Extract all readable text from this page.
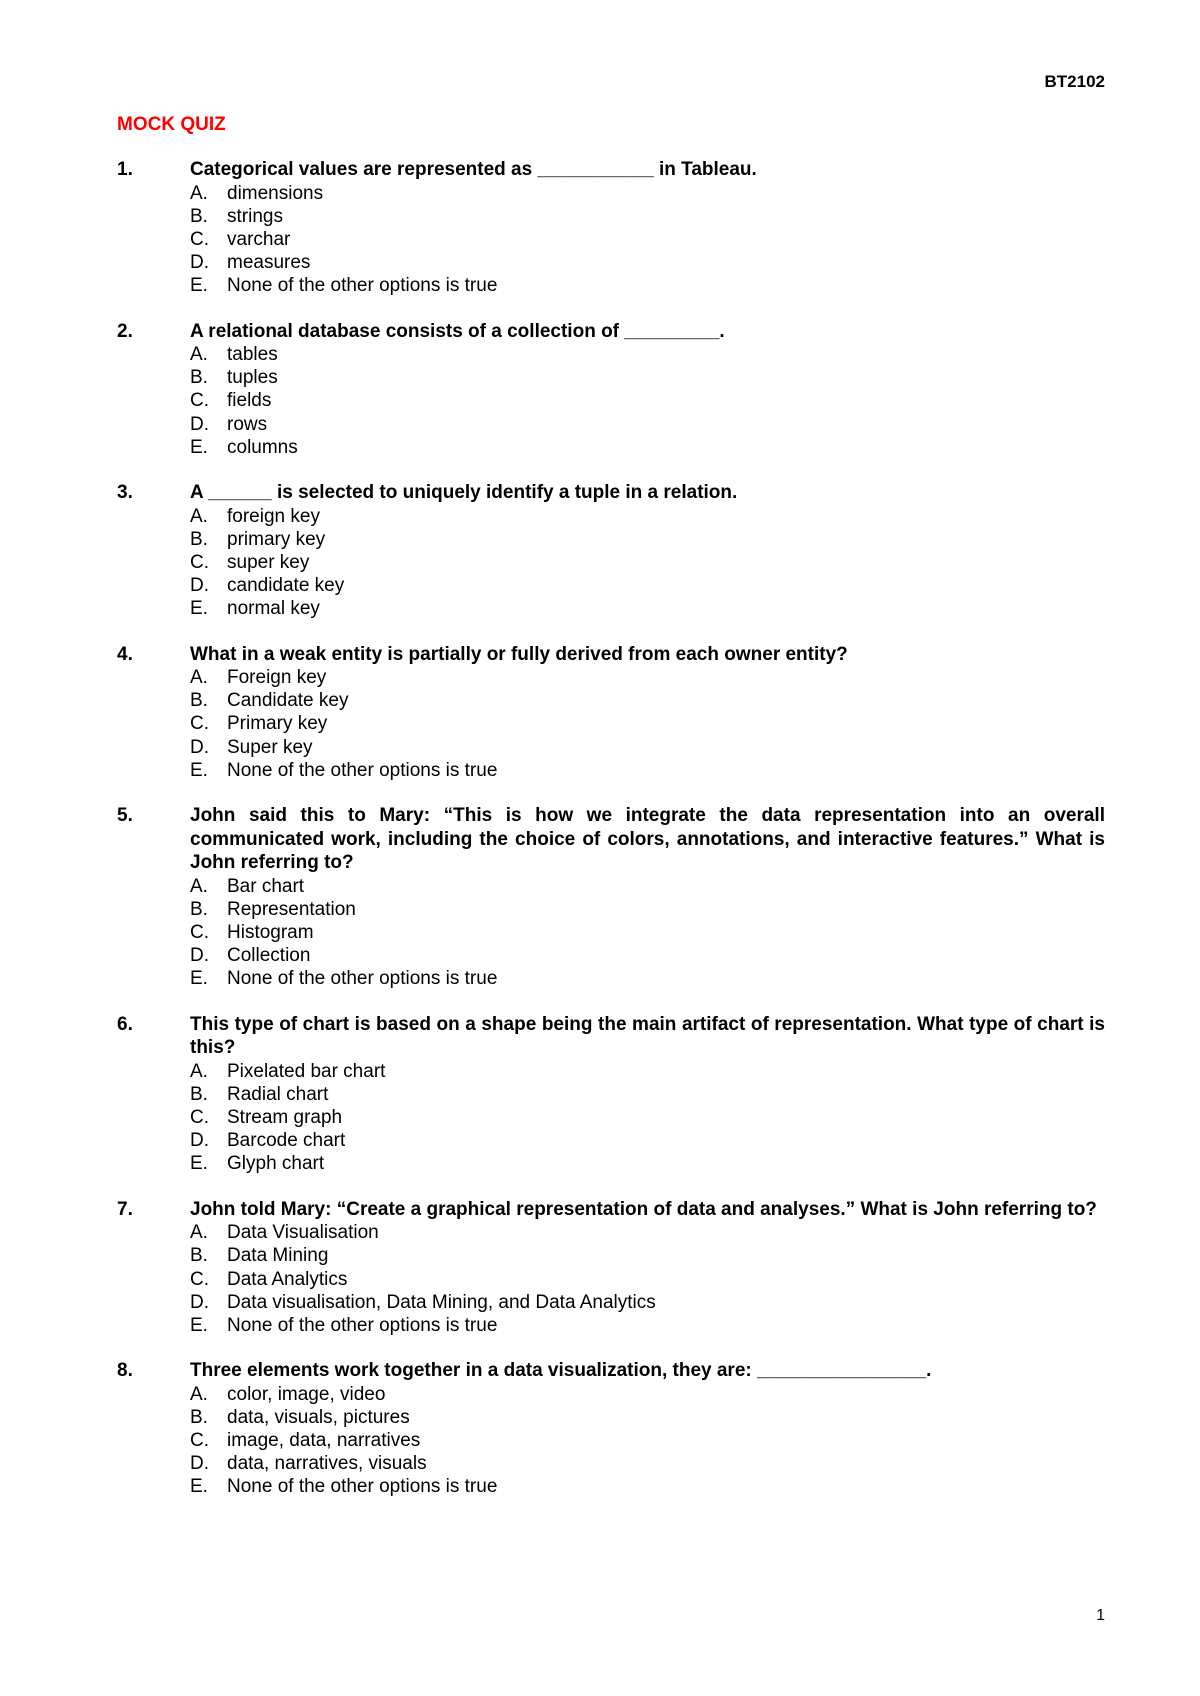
BT2102
MOCK QUIZ
1.	Categorical values are represented as ___________ in Tableau.
A.	dimensions
B.	strings
C. varchar
D. measures
E.	None of the other options is true
2.	A relational database consists of a collection of _________.
A.	tables
B.	tuples
C. fields
D. rows
E.	columns
3.	A ______ is selected to uniquely identify a tuple in a relation.
A.	foreign key
B.	primary key
C. super key
D. candidate key
E.	normal key
4.	What in a weak entity is partially or fully derived from each owner entity?
A.	Foreign key
B.	Candidate key
C. Primary key
D. Super key
E.	None of the other options is true
5.	John said this to Mary: “This is how we integrate the data representation into an overall communicated work, including the choice of colors, annotations, and interactive features.” What is John referring to?
A.	Bar chart
B.	Representation
C. Histogram
D. Collection
E.	None of the other options is true
6.	This type of chart is based on a shape being the main artifact of representation. What type of chart is this?
A.	Pixelated bar chart
B.	Radial chart
C. Stream graph
D. Barcode chart
E.	Glyph chart
7.	John told Mary: “Create a graphical representation of data and analyses.” What is John referring to?
A.	Data Visualisation
B.	Data Mining
C. Data Analytics
D. Data visualisation, Data Mining, and Data Analytics
E.	None of the other options is true
8.	Three elements work together in a data visualization, they are: ________________.
A.	color, image, video
B.	data, visuals, pictures
C. image, data, narratives
D. data, narratives, visuals
E.	None of the other options is true
1
